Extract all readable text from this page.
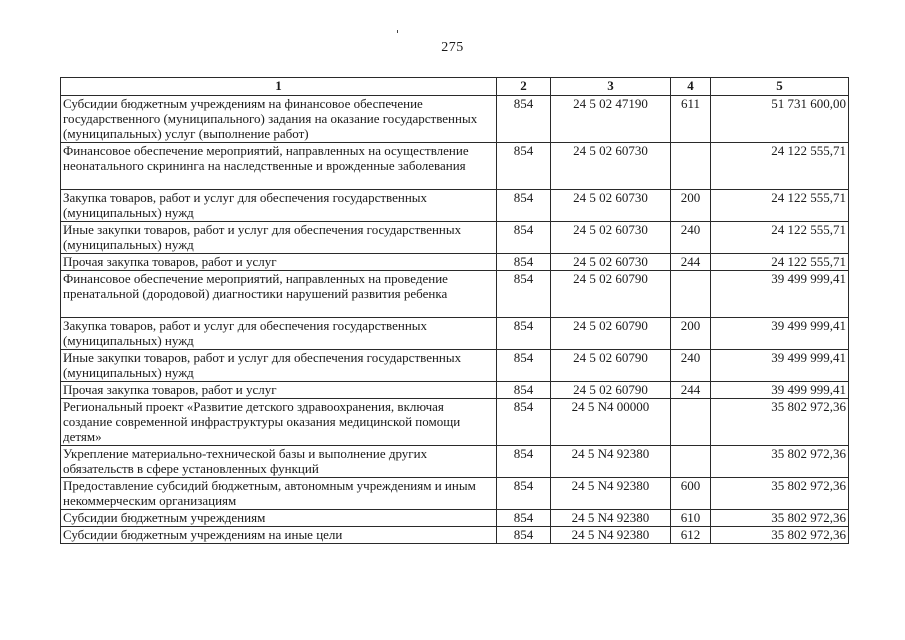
275
1	2	3	4	5
Субсидии бюджетным учреждениям на финансовое обеспечение государственного (муниципального) задания на оказание государственных (муниципальных) услуг (выполнение работ)	854	24 5 02 47190	611	51 731 600,00
Финансовое обеспечение мероприятий, направленных на осуществление неонатального скрининга на наследственные и врожденные заболевания	854	24 5 02 60730		24 122 555,71
Закупка товаров, работ и услуг для обеспечения государственных (муниципальных) нужд	854	24 5 02 60730	200	24 122 555,71
Иные закупки товаров, работ и услуг для обеспечения государственных (муниципальных) нужд	854	24 5 02 60730	240	24 122 555,71
Прочая закупка товаров, работ и услуг	854	24 5 02 60730	244	24 122 555,71
Финансовое обеспечение мероприятий, направленных на проведение пренатальной (дородовой) диагностики нарушений развития ребенка	854	24 5 02 60790		39 499 999,41
Закупка товаров, работ и услуг для обеспечения государственных (муниципальных) нужд	854	24 5 02 60790	200	39 499 999,41
Иные закупки товаров, работ и услуг для обеспечения государственных (муниципальных) нужд	854	24 5 02 60790	240	39 499 999,41
Прочая закупка товаров, работ и услуг	854	24 5 02 60790	244	39 499 999,41
Региональный проект «Развитие детского здравоохранения, включая создание современной инфраструктуры оказания медицинской помощи детям»	854	24 5 N4 00000		35 802 972,36
Укрепление материально-технической базы и выполнение других обязательств в сфере установленных функций	854	24 5 N4 92380		35 802 972,36
Предоставление субсидий бюджетным, автономным учреждениям и иным некоммерческим организациям	854	24 5 N4 92380	600	35 802 972,36
Субсидии бюджетным учреждениям	854	24 5 N4 92380	610	35 802 972,36
Субсидии бюджетным учреждениям на иные цели	854	24 5 N4 92380	612	35 802 972,36
